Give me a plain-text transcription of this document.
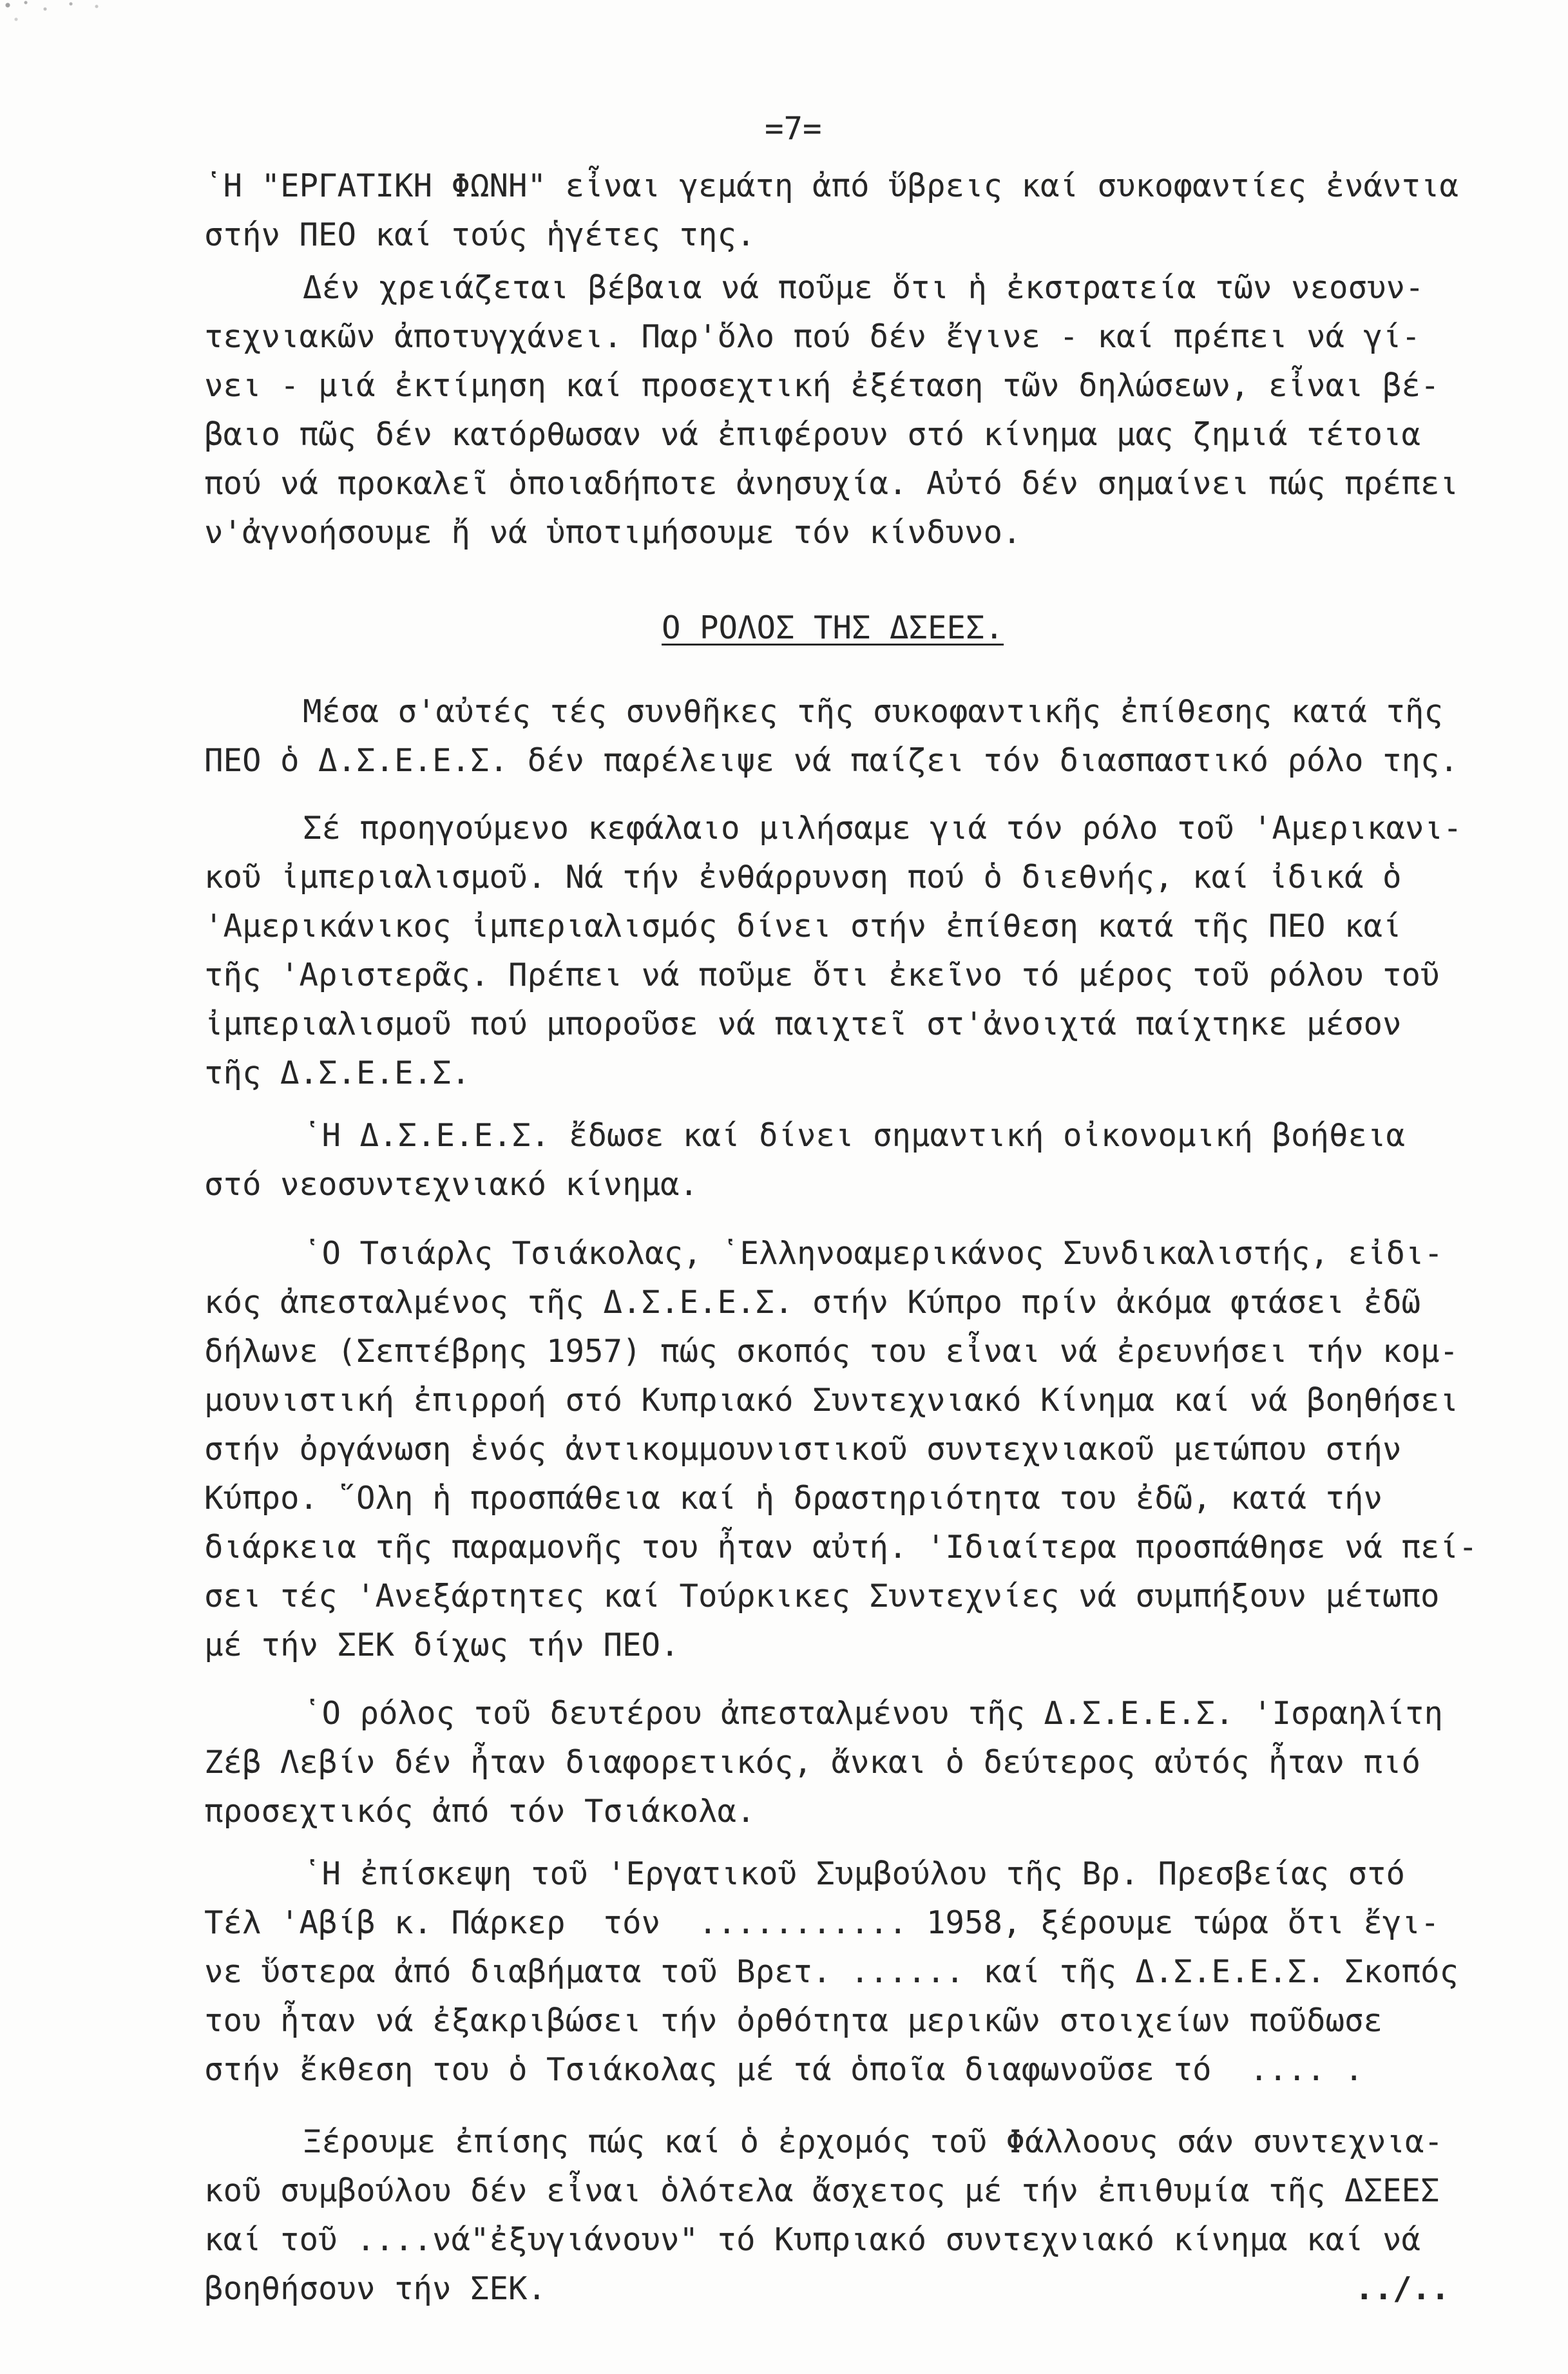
=7=
῾Η "ΕΡΓΑΤΙΚΗ ΦΩΝΗ" εἶναι γεμάτη ἀπό ὕβρεις καί συκοφαντίες ἐνάντια
στήν ΠΕΟ καί τούς ἡγέτες της.
Δέν χρειάζεται βέβαια νά ποῦμε ὅτι ἡ ἐκστρατεία τῶν νεοσυν-
τεχνιακῶν ἀποτυγχάνει. Παρ'ὅλο πού δέν ἔγινε - καί πρέπει νά γί-
νει - μιά ἐκτίμηση καί προσεχτική ἐξέταση τῶν δηλώσεων, εἶναι βέ-
βαιο πῶς δέν κατόρθωσαν νά ἐπιφέρουν στό κίνημα μας ζημιά τέτοια
πού νά προκαλεῖ ὁποιαδήποτε ἀνησυχία. Αὐτό δέν σημαίνει πώς πρέπει
ν'ἀγνοήσουμε ἤ νά ὑποτιμήσουμε τόν κίνδυνο.
Ο ΡΟΛΟΣ ΤΗΣ ΔΣΕΕΣ.
Μέσα σ'αὐτές τές συνθῆκες τῆς συκοφαντικῆς ἐπίθεσης κατά τῆς
ΠΕΟ ὁ Δ.Σ.Ε.Ε.Σ. δέν παρέλειψε νά παίζει τόν διασπαστικό ρόλο της.
Σέ προηγούμενο κεφάλαιο μιλήσαμε γιά τόν ρόλο τοῦ 'Αμερικανι-
κοῦ ἰμπεριαλισμοῦ. Νά τήν ἐνθάρρυνση πού ὁ διεθνής, καί ἰδικά ὁ
'Αμερικάνικος ἰμπεριαλισμός δίνει στήν ἐπίθεση κατά τῆς ΠΕΟ καί
τῆς 'Αριστερᾶς. Πρέπει νά ποῦμε ὅτι ἐκεῖνο τό μέρος τοῦ ρόλου τοῦ
ἰμπεριαλισμοῦ πού μποροῦσε νά παιχτεῖ στ'ἀνοιχτά παίχτηκε μέσον
τῆς Δ.Σ.Ε.Ε.Σ.
῾Η Δ.Σ.Ε.Ε.Σ. ἔδωσε καί δίνει σημαντική οἰκονομική βοήθεια
στό νεοσυντεχνιακό κίνημα.
῾Ο Τσιάρλς Τσιάκολας, ῾Ελληνοαμερικάνος Συνδικαλιστής, εἰδι-
κός ἀπεσταλμένος τῆς Δ.Σ.Ε.Ε.Σ. στήν Κύπρο πρίν ἀκόμα φτάσει ἐδῶ
δήλωνε (Σεπτέβρης 1957) πώς σκοπός του εἶναι νά ἐρευνήσει τήν κομ-
μουνιστική ἐπιρροή στό Κυπριακό Συντεχνιακό Κίνημα καί νά βοηθήσει
στήν ὀργάνωση ἑνός ἀντικομμουνιστικοῦ συντεχνιακοῦ μετώπου στήν
Κύπρο. ῞Ολη ἡ προσπάθεια καί ἡ δραστηριότητα του ἐδῶ, κατά τήν
διάρκεια τῆς παραμονῆς του ἦταν αὐτή. 'Ιδιαίτερα προσπάθησε νά πεί-
σει τές 'Ανεξάρτητες καί Τούρκικες Συντεχνίες νά συμπήξουν μέτωπο
μέ τήν ΣΕΚ δίχως τήν ΠΕΟ.
῾Ο ρόλος τοῦ δευτέρου ἀπεσταλμένου τῆς Δ.Σ.Ε.Ε.Σ. 'Ισραηλίτη
Ζέβ Λεβίν δέν ἦταν διαφορετικός, ἄνκαι ὁ δεύτερος αὐτός ἦταν πιό
προσεχτικός ἀπό τόν Τσιάκολα.
῾Η ἐπίσκεψη τοῦ 'Εργατικοῦ Συμβούλου τῆς Βρ. Πρεσβείας στό
Τέλ 'Αβίβ κ. Πάρκερ  τόν  ........... 1958, ξέρουμε τώρα ὅτι ἔγι-
νε ὕστερα ἀπό διαβήματα τοῦ Βρετ. ...... καί τῆς Δ.Σ.Ε.Ε.Σ. Σκοπός
του ἦταν νά ἐξακριβώσει τήν ὀρθότητα μερικῶν στοιχείων ποῦδωσε
στήν ἔκθεση του ὁ Τσιάκολας μέ τά ὁποῖα διαφωνοῦσε τό  .... .
Ξέρουμε ἐπίσης πώς καί ὁ ἐρχομός τοῦ Φάλλοους σάν συντεχνια-
κοῦ συμβούλου δέν εἶναι ὁλότελα ἄσχετος μέ τήν ἐπιθυμία τῆς ΔΣΕΕΣ
καί τοῦ ....νά"ἐξυγιάνουν" τό Κυπριακό συντεχνιακό κίνημα καί νά
βοηθήσουν τήν ΣΕΚ.	../..
